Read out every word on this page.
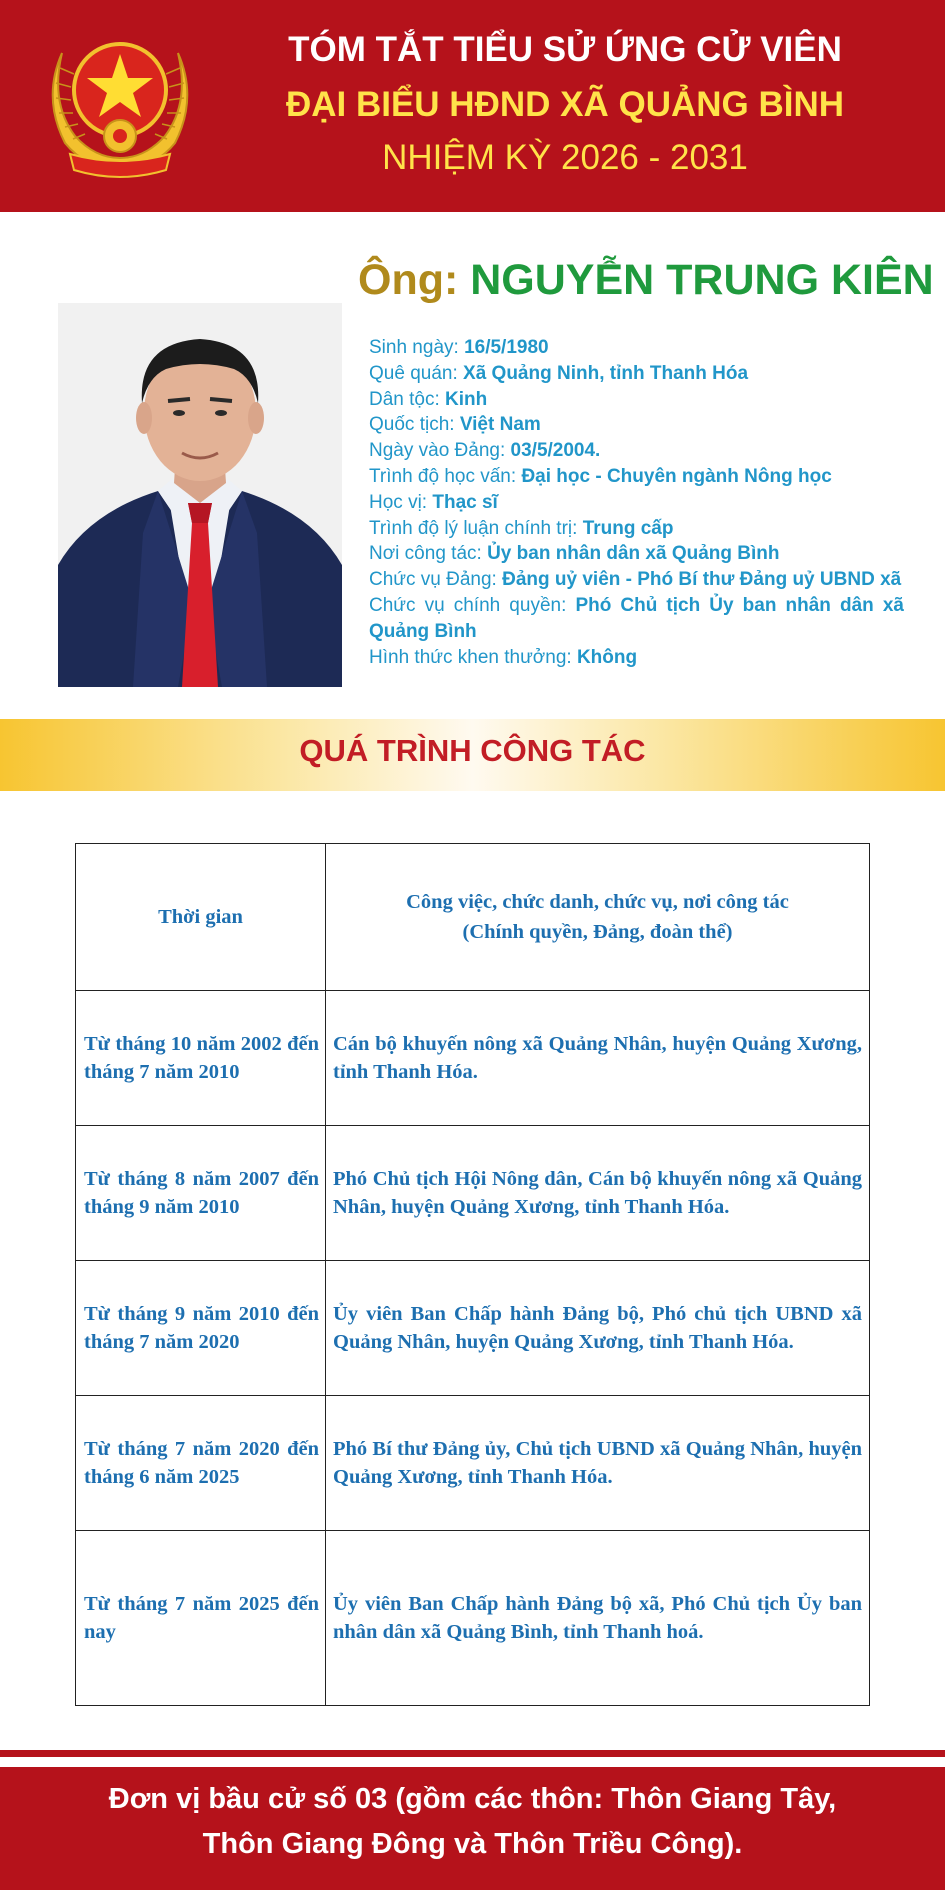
TÓM TẮT TIỂU SỬ ỨNG CỬ VIÊN

ĐẠI BIỂU HĐND XÃ QUẢNG BÌNH

NHIỆM KỲ 2026 - 2031

Ông: NGUYỄN TRUNG KIÊN

Sinh ngày: 16/5/1980

Quê quán: Xã Quảng Ninh, tỉnh Thanh Hóa

Dân tộc: Kinh

Quốc tịch: Việt Nam

Ngày vào Đảng: 03/5/2004.

Trình độ học vấn: Đại học - Chuyên ngành Nông học

Học vị: Thạc sĩ

Trình độ lý luận chính trị: Trung cấp

Nơi công tác: Ủy ban nhân dân xã Quảng Bình

Chức vụ Đảng: Đảng uỷ viên - Phó Bí thư Đảng uỷ UBND xã

Chức vụ chính quyền: Phó Chủ tịch Ủy ban nhân dân xã Quảng Bình

Hình thức khen thưởng: Không

QUÁ TRÌNH CÔNG TÁC

Thời gian	Công việc, chức danh, chức vụ, nơi công tác
(Chính quyền, Đảng, đoàn thể)

Từ tháng 10 năm 2002 đến tháng 7 năm 2010	Cán bộ khuyến nông xã Quảng Nhân, huyện Quảng Xương, tỉnh Thanh Hóa.
Từ tháng 8 năm 2007 đến tháng 9 năm 2010	Phó Chủ tịch Hội Nông dân, Cán bộ khuyến nông xã Quảng Nhân, huyện Quảng Xương, tỉnh Thanh Hóa.
Từ tháng 9 năm 2010 đến tháng 7 năm 2020	Ủy viên Ban Chấp hành Đảng bộ, Phó chủ tịch UBND xã Quảng Nhân, huyện Quảng Xương, tỉnh Thanh Hóa.
Từ tháng 7 năm 2020 đến tháng 6 năm 2025	Phó Bí thư Đảng ủy, Chủ tịch UBND xã Quảng Nhân, huyện Quảng Xương, tỉnh Thanh Hóa.
Từ tháng 7 năm 2025 đến nay	Ủy viên Ban Chấp hành Đảng bộ xã, Phó Chủ tịch Ủy ban nhân dân xã Quảng Bình, tỉnh Thanh hoá.

Đơn vị bầu cử số 03 (gồm các thôn: Thôn Giang Tây,

Thôn Giang Đông và Thôn Triều Công).
